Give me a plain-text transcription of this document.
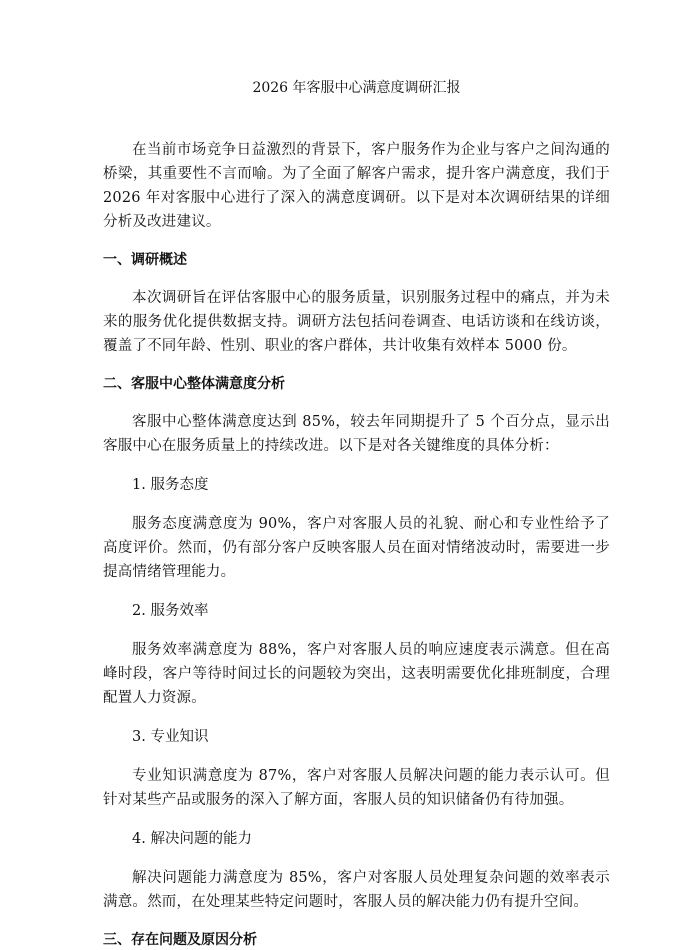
2026 年客服中心满意度调研汇报

在当前市场竞争日益激烈的背景下，客户服务作为企业与客户之间沟通的桥梁，其重要性不言而喻。为了全面了解客户需求，提升客户满意度，我们于 2026 年对客服中心进行了深入的满意度调研。以下是对本次调研结果的详细分析及改进建议。

一、调研概述

本次调研旨在评估客服中心的服务质量，识别服务过程中的痛点，并为未来的服务优化提供数据支持。调研方法包括问卷调查、电话访谈和在线访谈，覆盖了不同年龄、性别、职业的客户群体，共计收集有效样本 5000 份。

二、客服中心整体满意度分析

客服中心整体满意度达到 85%，较去年同期提升了 5 个百分点，显示出客服中心在服务质量上的持续改进。以下是对各关键维度的具体分析：

1. 服务态度

服务态度满意度为 90%，客户对客服人员的礼貌、耐心和专业性给予了高度评价。然而，仍有部分客户反映客服人员在面对情绪波动时，需要进一步提高情绪管理能力。

2. 服务效率

服务效率满意度为 88%，客户对客服人员的响应速度表示满意。但在高峰时段，客户等待时间过长的问题较为突出，这表明需要优化排班制度，合理配置人力资源。

3. 专业知识

专业知识满意度为 87%，客户对客服人员解决问题的能力表示认可。但针对某些产品或服务的深入了解方面，客服人员的知识储备仍有待加强。

4. 解决问题的能力

解决问题能力满意度为 85%，客户对客服人员处理复杂问题的效率表示满意。然而，在处理某些特定问题时，客服人员的解决能力仍有提升空间。

三、存在问题及原因分析
